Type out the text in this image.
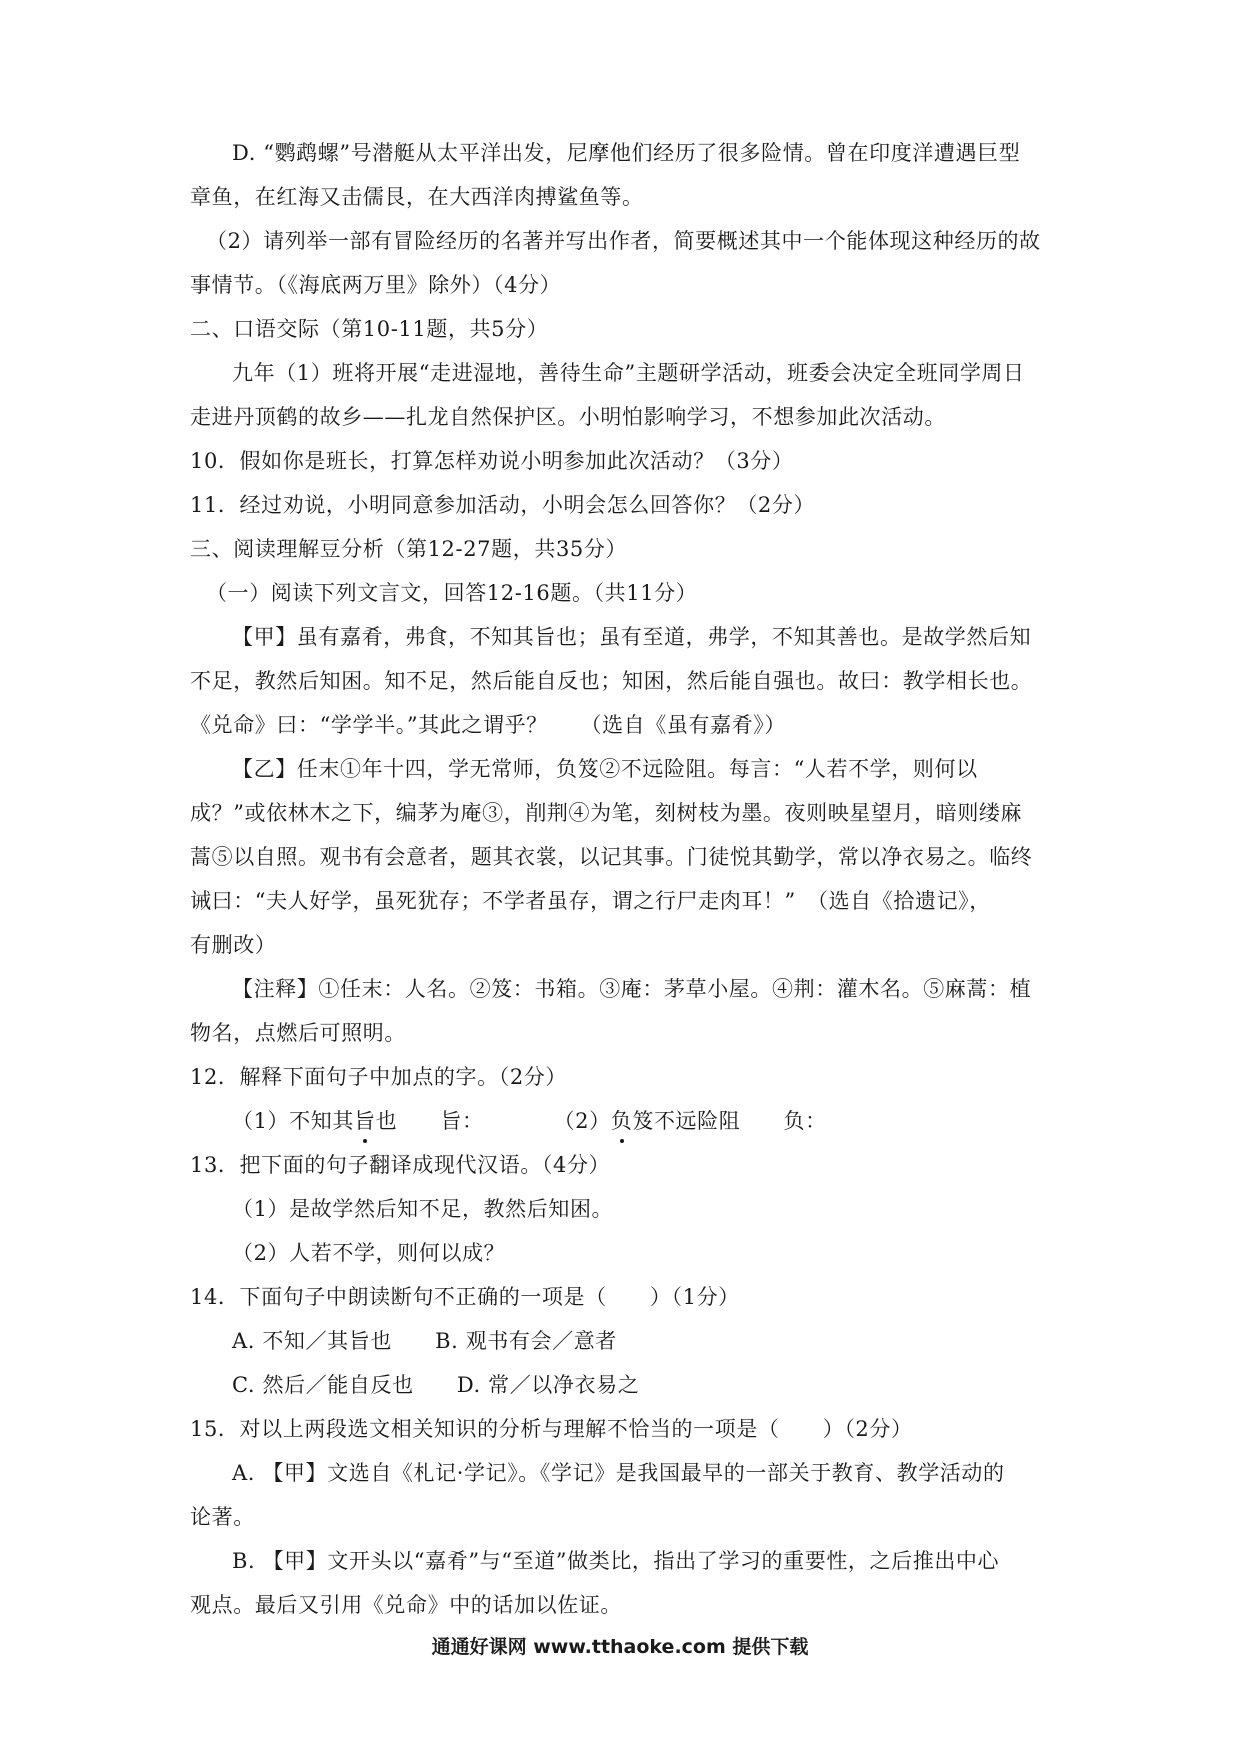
D. “鹦鹉螺”号潜艇从太平洋出发，尼摩他们经历了很多险情。曾在印度洋遭遇巨型
章鱼，在红海又击儒艮，在大西洋肉搏鲨鱼等。
（2）请列举一部有冒险经历的名著并写出作者，简要概述其中一个能体现这种经历的故
事情节。（《海底两万里》除外）（4分）
二、口语交际（第10-11题，共5分）
九年（1）班将开展“走进湿地，善待生命”主题研学活动，班委会决定全班同学周日
走进丹顶鹤的故乡——扎龙自然保护区。小明怕影响学习，不想参加此次活动。
10．假如你是班长，打算怎样劝说小明参加此次活动？（3分）
11．经过劝说，小明同意参加活动，小明会怎么回答你？（2分）
三、阅读理解豆分析（第12-27题，共35分）
（一）阅读下列文言文，回答12-16题。（共11分）
【甲】虽有嘉肴，弗食，不知其旨也；虽有至道，弗学，不知其善也。是故学然后知
不足，教然后知困。知不足，然后能自反也；知困，然后能自强也。故曰：教学相长也。
《兑命》曰：“学学半。”其此之谓乎？　　（选自《虽有嘉肴》）
【乙】任末①年十四，学无常师，负笈②不远险阻。每言：“人若不学，则何以
成？”或依林木之下，编茅为庵③，削荆④为笔，刻树枝为墨。夜则映星望月，暗则缕麻
蒿⑤以自照。观书有会意者，题其衣裳，以记其事。门徒悦其勤学，常以净衣易之。临终
诫曰：“夫人好学，虽死犹存；不学者虽存，谓之行尸走肉耳！”　（选自《拾遗记》，
有删改）
【注释】①任末：人名。②笈：书箱。③庵：茅草小屋。④荆：灌木名。⑤麻蒿：植
物名，点燃后可照明。
12．解释下面句子中加点的字。（2分）
（1）不知其旨也　　旨：	（2）负笈不远险阻　　负：
13．把下面的句子翻译成现代汉语。（4分）
（1）是故学然后知不足，教然后知困。
（2）人若不学，则何以成？
14．下面句子中朗读断句不正确的一项是（　　）（1分）
A. 不知／其旨也　　B. 观书有会／意者
C. 然后／能自反也　　D. 常／以净衣易之
15．对以上两段选文相关知识的分析与理解不恰当的一项是（　　）（2分）
A. 【甲】文选自《札记·学记》。《学记》是我国最早的一部关于教育、教学活动的
论著。
B. 【甲】文开头以“嘉肴”与“至道”做类比，指出了学习的重要性，之后推出中心
观点。最后又引用《兑命》中的话加以佐证。
通通好课网 www.tthaoke.com 提供下载
